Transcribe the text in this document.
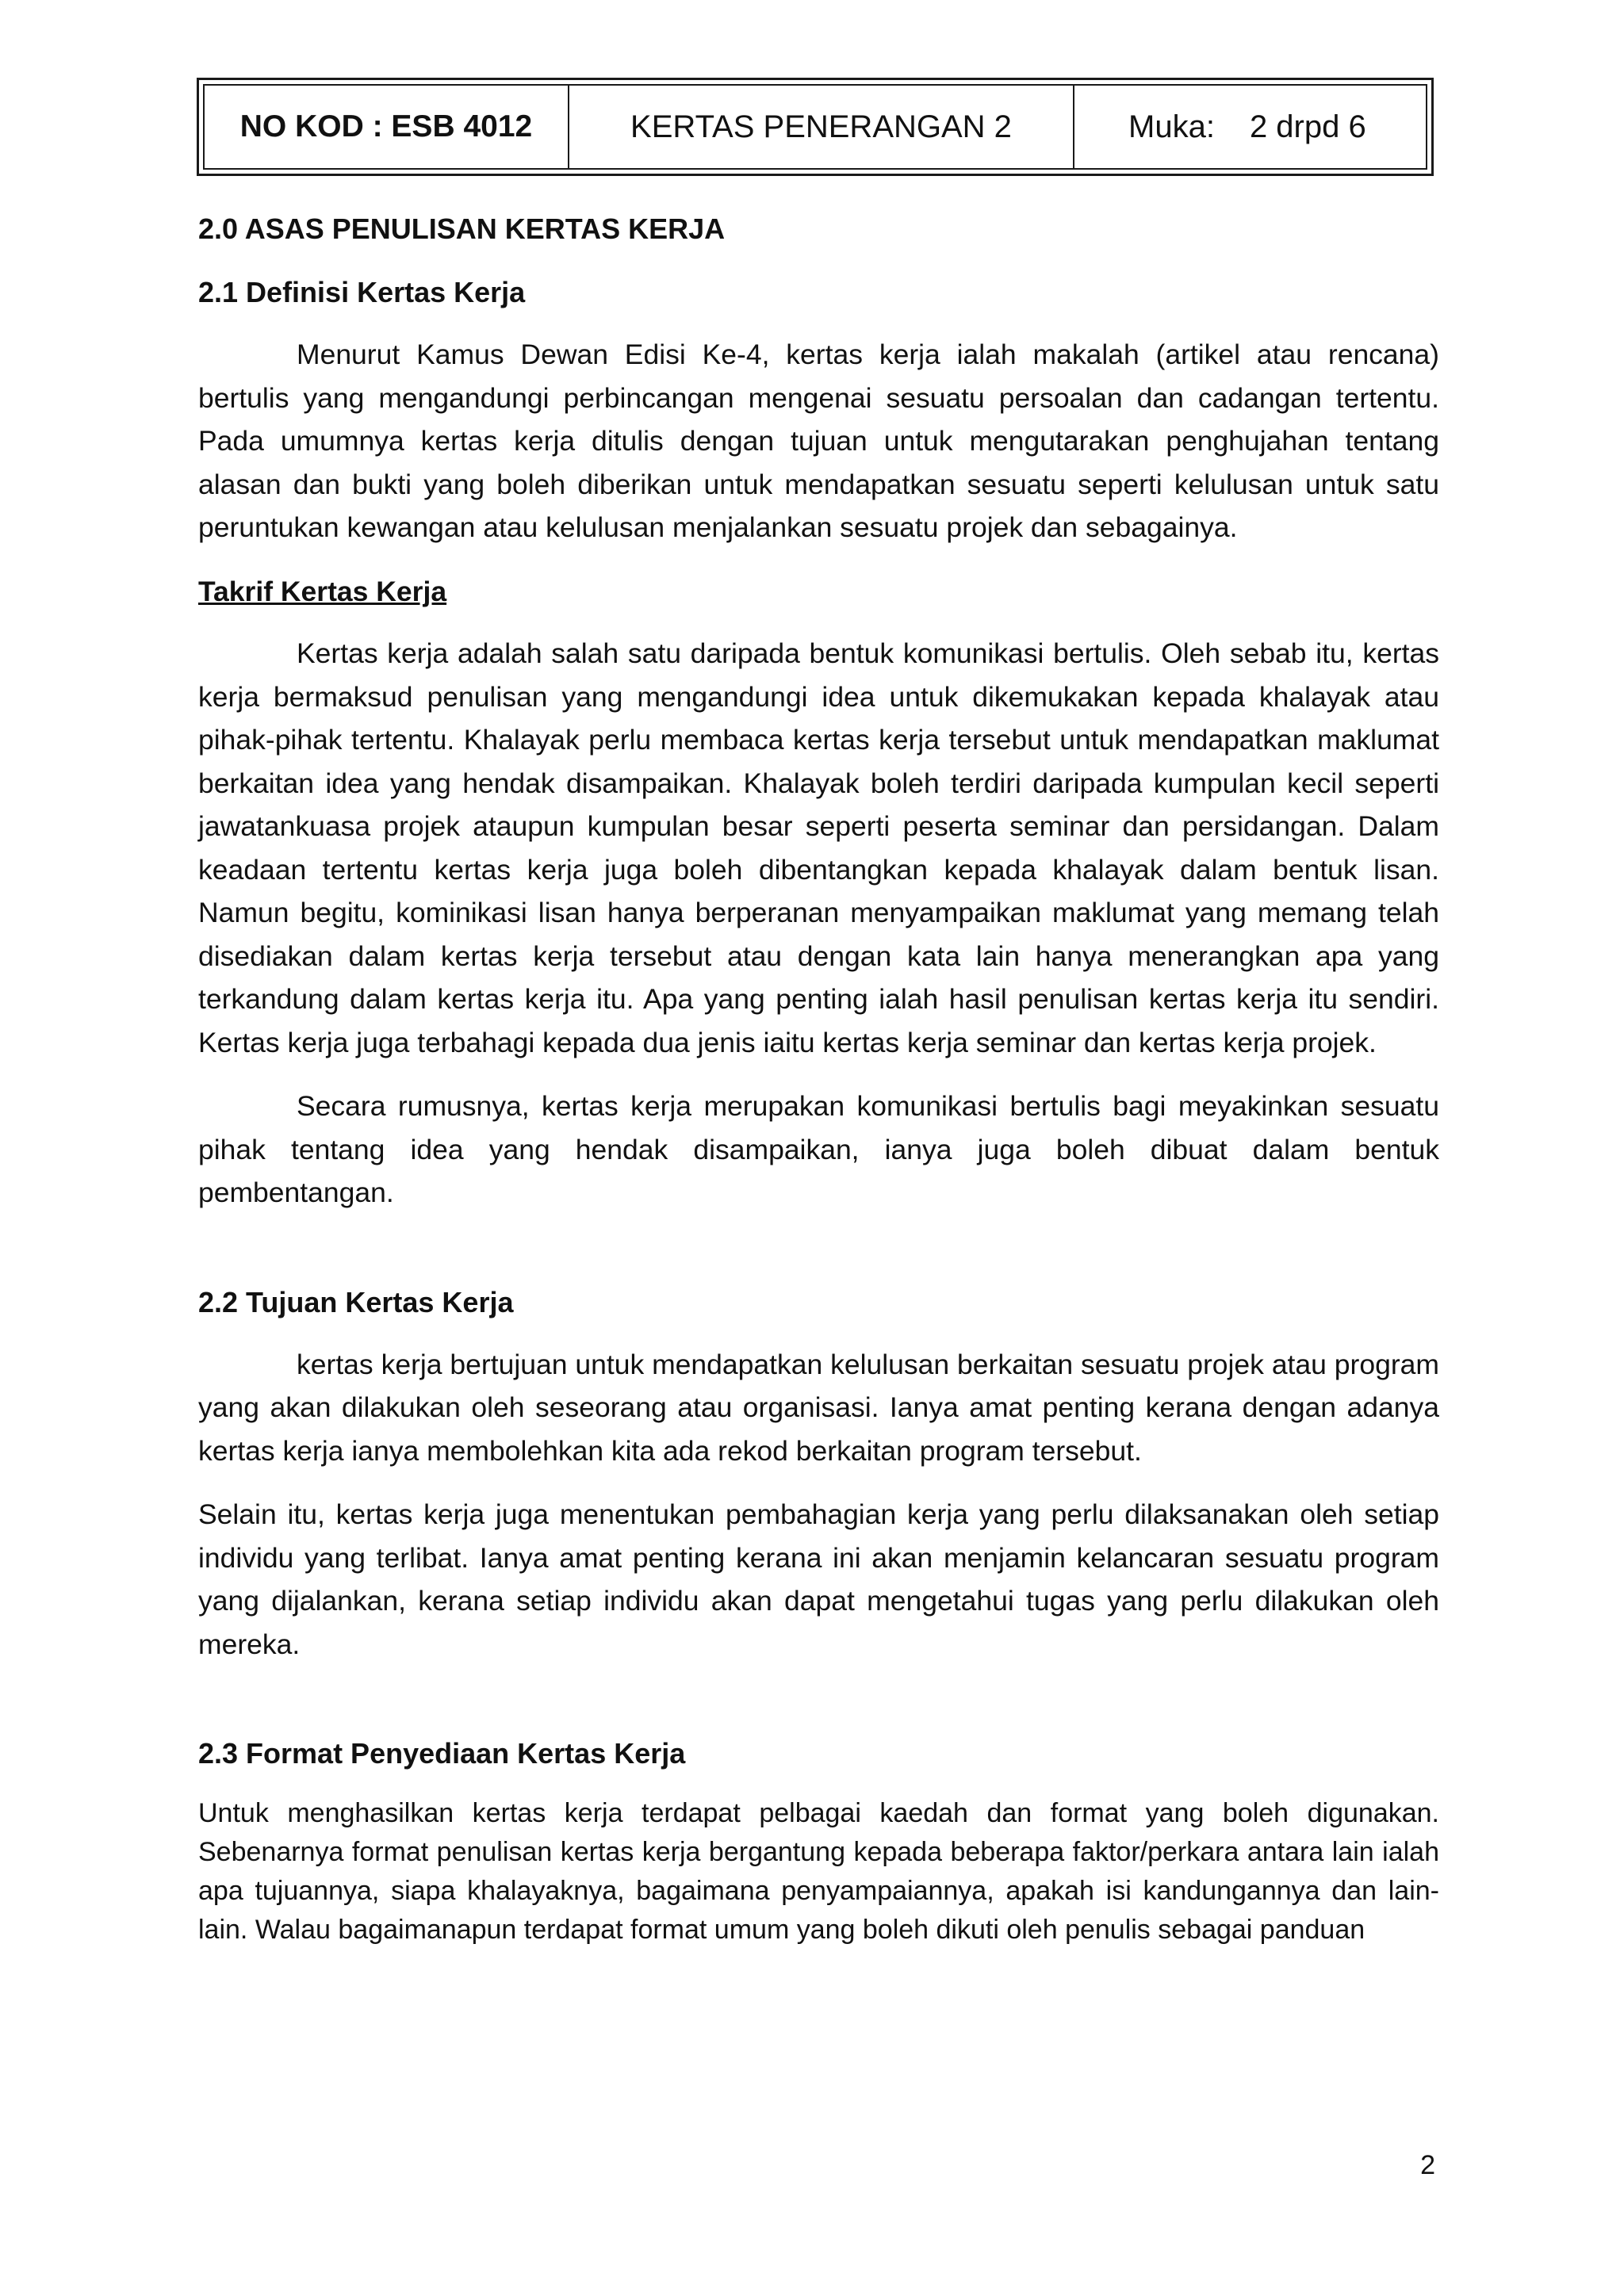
NO KOD : ESB 4012	KERTAS PENERANGAN 2	Muka: 2 drpd 6
2.0 ASAS PENULISAN KERTAS KERJA
2.1 Definisi Kertas Kerja

Menurut Kamus Dewan Edisi Ke-4, kertas kerja ialah makalah (artikel atau rencana) bertulis yang mengandungi perbincangan mengenai sesuatu persoalan dan cadangan tertentu. Pada umumnya kertas kerja ditulis dengan tujuan untuk mengutarakan penghujahan tentang alasan dan bukti yang boleh diberikan untuk mendapatkan sesuatu seperti kelulusan untuk satu peruntukan kewangan atau kelulusan menjalankan sesuatu projek dan sebagainya.

Takrif Kertas Kerja

Kertas kerja adalah salah satu daripada bentuk komunikasi bertulis. Oleh sebab itu, kertas kerja bermaksud penulisan yang mengandungi idea untuk dikemukakan kepada khalayak atau pihak-pihak tertentu. Khalayak perlu membaca kertas kerja tersebut untuk mendapatkan maklumat berkaitan idea yang hendak disampaikan. Khalayak boleh terdiri daripada kumpulan kecil seperti jawatankuasa projek ataupun kumpulan besar seperti peserta seminar dan persidangan. Dalam keadaan tertentu kertas kerja juga boleh dibentangkan kepada khalayak dalam bentuk lisan. Namun begitu, kominikasi lisan hanya berperanan menyampaikan maklumat yang memang telah disediakan dalam kertas kerja tersebut atau dengan kata lain hanya menerangkan apa yang terkandung dalam kertas kerja itu. Apa yang penting ialah hasil penulisan kertas kerja itu sendiri. Kertas kerja juga terbahagi kepada dua jenis iaitu kertas kerja seminar dan kertas kerja projek.

Secara rumusnya, kertas kerja merupakan komunikasi bertulis bagi meyakinkan sesuatu pihak tentang idea yang hendak disampaikan, ianya juga boleh dibuat dalam bentuk pembentangan.

2.2 Tujuan Kertas Kerja

kertas kerja bertujuan untuk mendapatkan kelulusan berkaitan sesuatu projek atau program yang akan dilakukan oleh seseorang atau organisasi. Ianya amat penting kerana dengan adanya kertas kerja ianya membolehkan kita ada rekod berkaitan program tersebut.

Selain itu, kertas kerja juga menentukan pembahagian kerja yang perlu dilaksanakan oleh setiap individu yang terlibat. Ianya amat penting kerana ini akan menjamin kelancaran sesuatu program yang dijalankan, kerana setiap individu akan dapat mengetahui tugas yang perlu dilakukan oleh mereka.

2.3 Format Penyediaan Kertas Kerja

Untuk menghasilkan kertas kerja terdapat pelbagai kaedah dan format yang boleh digunakan. Sebenarnya format penulisan kertas kerja bergantung kepada beberapa faktor/perkara antara lain ialah apa tujuannya, siapa khalayaknya, bagaimana penyampaiannya, apakah isi kandungannya dan lain-lain. Walau bagaimanapun terdapat format umum yang boleh dikuti oleh penulis sebagai panduan

2
